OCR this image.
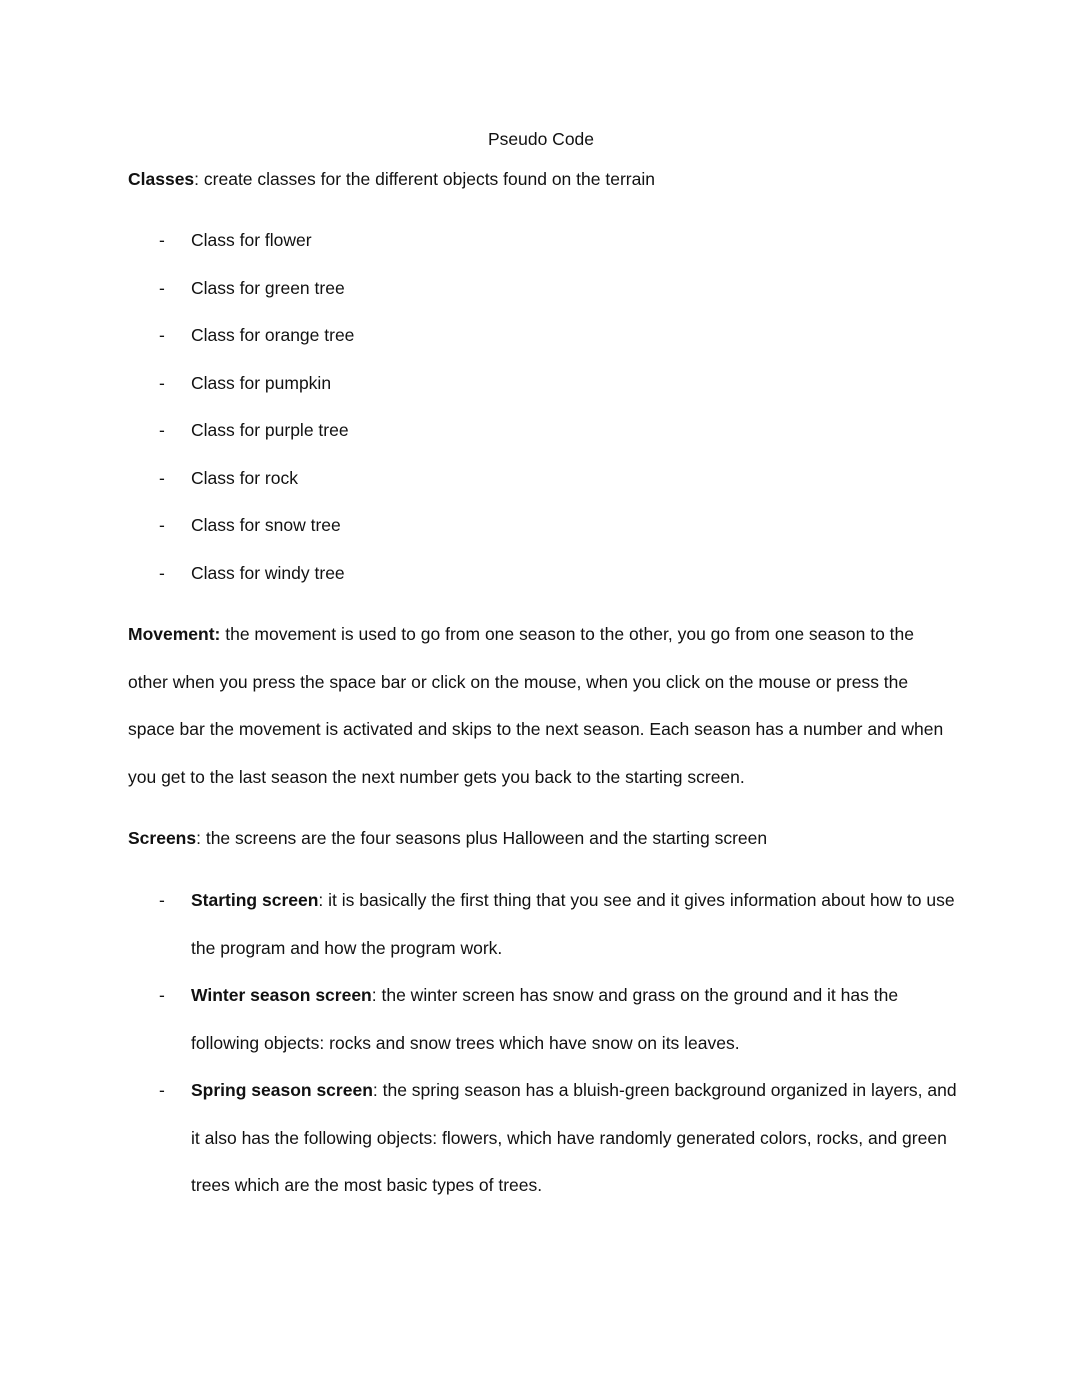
Pseudo Code
Classes: create classes for the different objects found on the terrain
- Class for flower
- Class for green tree
- Class for orange tree
- Class for pumpkin
- Class for purple tree
- Class for rock
- Class for snow tree
- Class for windy tree
Movement: the movement is used to go from one season to the other, you go from one season to the other when you press the space bar or click on the mouse, when you click on the mouse or press the space bar the movement is activated and skips to the next season. Each season has a number and when you get to the last season the next number gets you back to the starting screen.
Screens: the screens are the four seasons plus Halloween and the starting screen
- Starting screen: it is basically the first thing that you see and it gives information about how to use the program and how the program work.
- Winter season screen: the winter screen has snow and grass on the ground and it has the following objects: rocks and snow trees which have snow on its leaves.
- Spring season screen: the spring season has a bluish-green background organized in layers, and it also has the following objects: flowers, which have randomly generated colors, rocks, and green trees which are the most basic types of trees.
